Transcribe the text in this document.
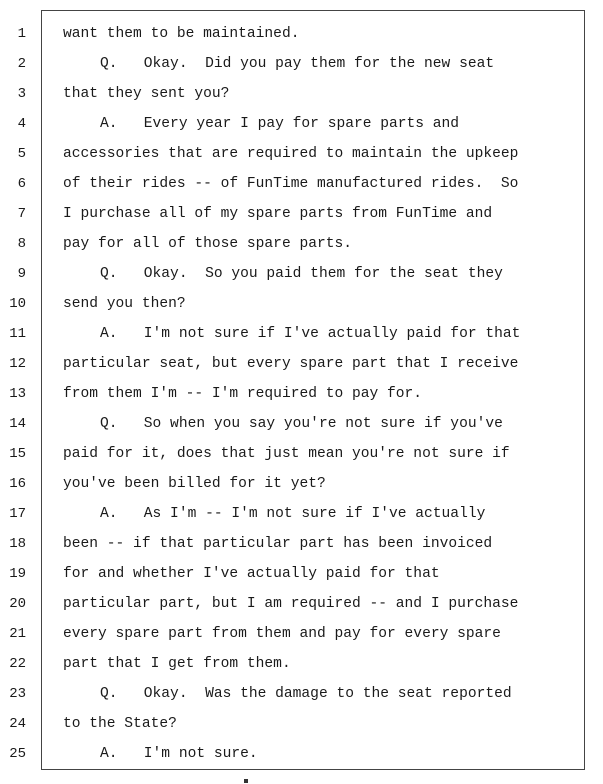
1	want them to be maintained.
2	Q.   Okay.  Did you pay them for the new seat
3	that they sent you?
4	A.   Every year I pay for spare parts and
5	accessories that are required to maintain the upkeep
6	of their rides -- of FunTime manufactured rides.  So
7	I purchase all of my spare parts from FunTime and
8	pay for all of those spare parts.
9	Q.   Okay.  So you paid them for the seat they
10	send you then?
11	A.   I'm not sure if I've actually paid for that
12	particular seat, but every spare part that I receive
13	from them I'm -- I'm required to pay for.
14	Q.   So when you say you're not sure if you've
15	paid for it, does that just mean you're not sure if
16	you've been billed for it yet?
17	A.   As I'm -- I'm not sure if I've actually
18	been -- if that particular part has been invoiced
19	for and whether I've actually paid for that
20	particular part, but I am required -- and I purchase
21	every spare part from them and pay for every spare
22	part that I get from them.
23	Q.   Okay.  Was the damage to the seat reported
24	to the State?
25	A.   I'm not sure.
